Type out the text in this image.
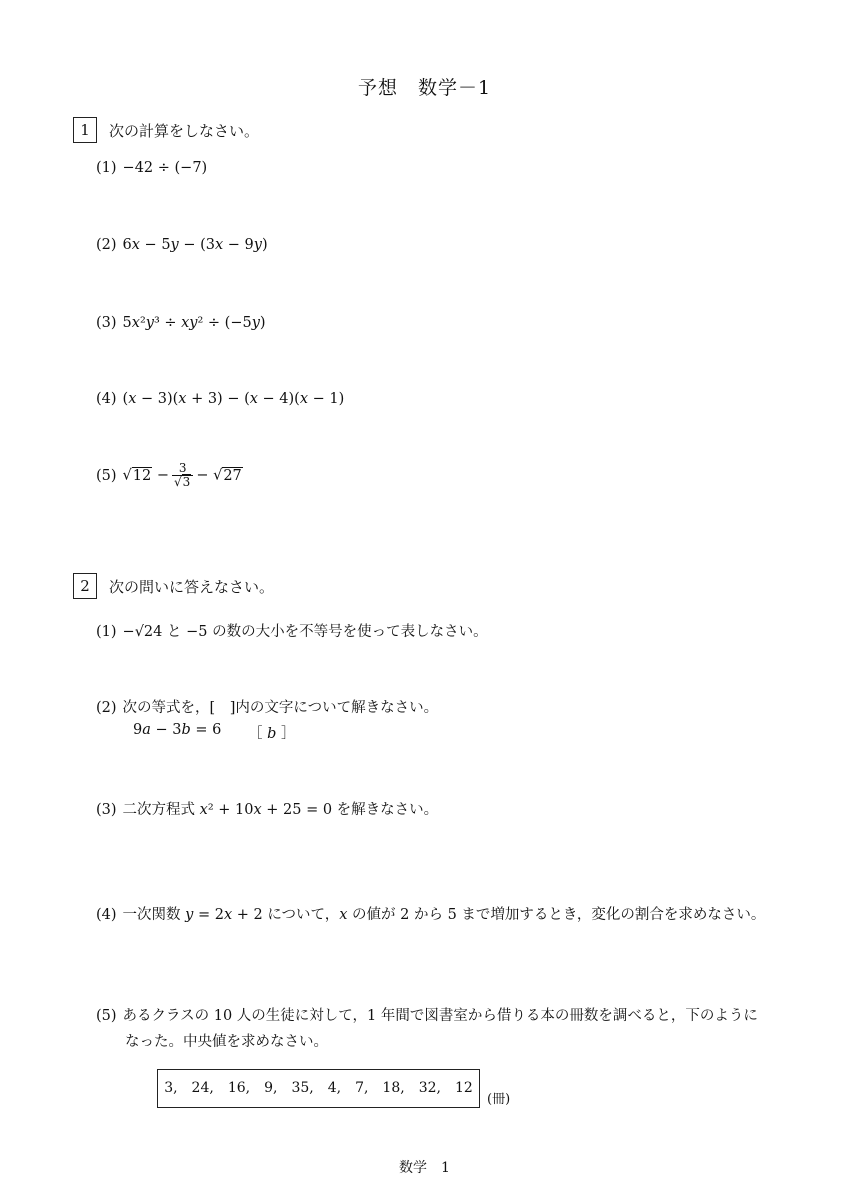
予想　数学－1
1	次の計算をしなさい。
(1) −42 ÷ (−7)
(2) 6𝑥 − 5𝑦 − (3𝑥 − 9𝑦)
(3) 5𝑥²𝑦³ ÷ 𝑥𝑦² ÷ (−5𝑦)
(4) (𝑥 − 3)(𝑥 + 3) − (𝑥 − 4)(𝑥 − 1)
(5) $√12 - \frac{3}{√3} - √27$
2	次の問いに答えなさい。
(1) −√24 と −5 の数の大小を不等号を使って表しなさい。
(2) 次の等式を，[　]内の文字について解きなさい。
9𝑎 − 3𝑏 = 6 ［ 𝑏 ］
(3) 二次方程式 𝑥² + 10𝑥 + 25 = 0 を解きなさい。
(4) 一次関数 𝑦 = 2𝑥 + 2 について，𝑥 の値が 2 から 5 まで増加するとき，変化の割合を求めなさい。
(5) あるクラスの 10 人の生徒に対して，1 年間で図書室から借りる本の冊数を調べると，下のように
なった。中央値を求めなさい。
3,　24,　16,　9,　35,　4,　7,　18,　32,　12
(冊)
数学　1
